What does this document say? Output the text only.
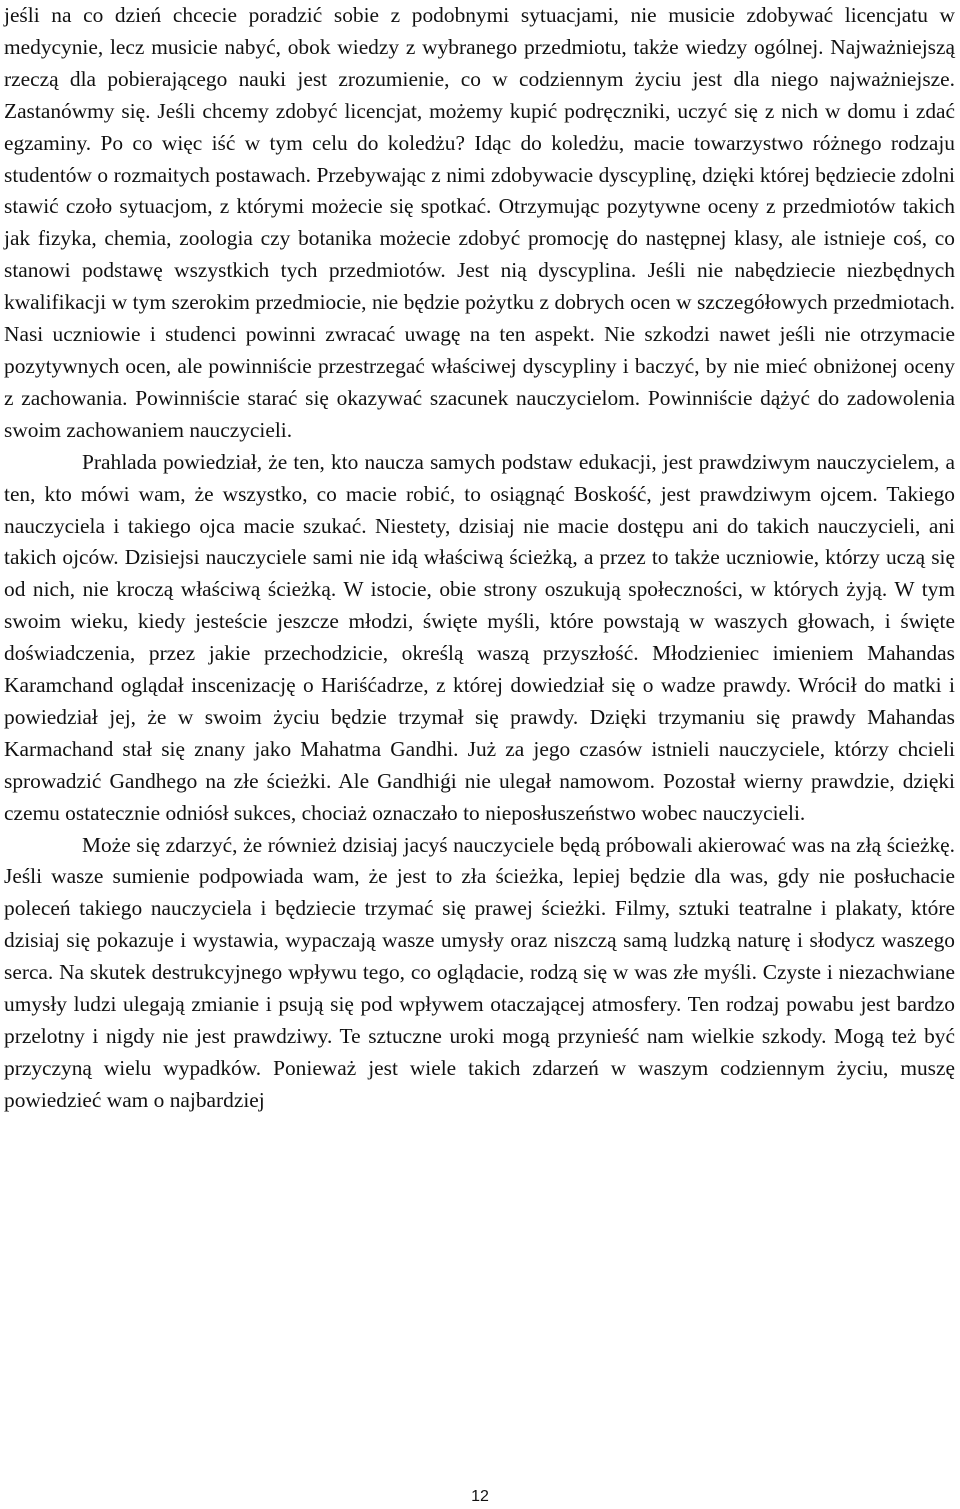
jeśli na co dzień chcecie poradzić sobie z podobnymi sytuacjami, nie musicie zdobywać licencjatu w medycynie, lecz musicie nabyć, obok wiedzy z wybranego przedmiotu, także wiedzy ogólnej. Najważniejszą rzeczą dla pobierającego nauki jest zrozumienie, co w codziennym życiu jest dla niego najważniejsze. Zastanówmy się. Jeśli chcemy zdobyć licencjat, możemy kupić podręczniki, uczyć się z nich w domu i zdać egzaminy. Po co więc iść w tym celu do koledżu? Idąc do koledżu, macie towarzystwo różnego rodzaju studentów o rozmaitych postawach. Przebywając z nimi zdobywacie dyscyplinę, dzięki której będziecie zdolni stawić czoło sytuacjom, z którymi możecie się spotkać. Otrzymując pozytywne oceny z przedmiotów takich jak fizyka, chemia, zoologia czy botanika możecie zdobyć promocję do następnej klasy, ale istnieje coś, co stanowi podstawę wszystkich tych przedmiotów. Jest nią dyscyplina. Jeśli nie nabędziecie niezbędnych kwalifikacji w tym szerokim przedmiocie, nie będzie pożytku z dobrych ocen w szczegółowych przedmiotach. Nasi uczniowie i studenci powinni zwracać uwagę na ten aspekt. Nie szkodzi nawet jeśli nie otrzymacie pozytywnych ocen, ale powinniście przestrzegać właściwej dyscypliny i baczyć, by nie mieć obniżonej oceny z zachowania. Powinniście starać się okazywać szacunek nauczycielom. Powinniście dążyć do zadowolenia swoim zachowaniem nauczycieli.

Prahlada powiedział, że ten, kto naucza samych podstaw edukacji, jest prawdziwym nauczycielem, a ten, kto mówi wam, że wszystko, co macie robić, to osiągnąć Boskość, jest prawdziwym ojcem. Takiego nauczyciela i takiego ojca macie szukać. Niestety, dzisiaj nie macie dostępu ani do takich nauczycieli, ani takich ojców. Dzisiejsi nauczyciele sami nie idą właściwą ścieżką, a przez to także uczniowie, którzy uczą się od nich, nie kroczą właściwą ścieżką. W istocie, obie strony oszukują społeczności, w których żyją. W tym swoim wieku, kiedy jesteście jeszcze młodzi, święte myśli, które powstają w waszych głowach, i święte doświadczenia, przez jakie przechodzicie, określą waszą przyszłość. Młodzieniec imieniem Mahandas Karamchand oglądał inscenizację o Hariśćadrze, z której dowiedział się o wadze prawdy. Wrócił do matki i powiedział jej, że w swoim życiu będzie trzymał się prawdy. Dzięki trzymaniu się prawdy Mahandas Karmachand stał się znany jako Mahatma Gandhi. Już za jego czasów istnieli nauczyciele, którzy chcieli sprowadzić Gandhego na złe ścieżki. Ale Gandhiǵi nie ulegał namowom. Pozostał wierny prawdzie, dzięki czemu ostatecznie odniósł sukces, chociaż oznaczało to nieposłuszeństwo wobec nauczycieli.

Może się zdarzyć, że również dzisiaj jacyś nauczyciele będą próbowali akierować was na złą ścieżkę. Jeśli wasze sumienie podpowiada wam, że jest to zła ścieżka, lepiej będzie dla was, gdy nie posłuchacie poleceń takiego nauczyciela i będziecie trzymać się prawej ścieżki. Filmy, sztuki teatralne i plakaty, które dzisiaj się pokazuje i wystawia, wypaczają wasze umysły oraz niszczą samą ludzką naturę i słodycz waszego serca. Na skutek destrukcyjnego wpływu tego, co oglądacie, rodzą się w was złe myśli. Czyste i niezachwiane umysły ludzi ulegają zmianie i psują się pod wpływem otaczającej atmosfery. Ten rodzaj powabu jest bardzo przelotny i nigdy nie jest prawdziwy. Te sztuczne uroki mogą przynieść nam wielkie szkody. Mogą też być przyczyną wielu wypadków. Ponieważ jest wiele takich zdarzeń w waszym codziennym życiu, muszę powiedzieć wam o najbardziej

12
